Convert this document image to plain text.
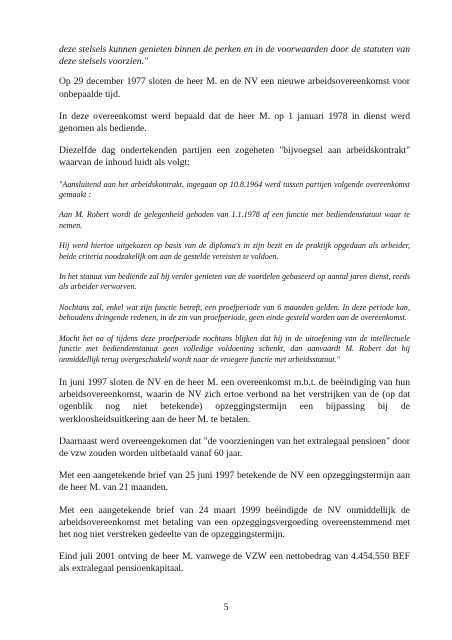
deze stelsels kunnen genieten binnen de perken en in de voorwaarden door de statuten van deze stelsels voorzien."

Op 29 december 1977 sloten de heer M. en de NV een nieuwe arbeidsovereenkomst voor onbepaalde tijd.

In deze overeenkomst werd bepaald dat de heer M. op 1 januari 1978 in dienst werd genomen als bediende.

Diezelfde dag ondertekenden partijen een zogeheten "bijvoegsel aan arbeidskontrakt" waarvan de inhoud luidt als volgt:

"Aansluitend aan het arbeidskontrakt, ingegaan op 10.8.1964 werd tussen partijen volgende overeenkomst gemaakt :

Aan M. Robert wordt de gelegenheid geboden van 1.1.1978 af een functie met bediendenstatuut waar te nemen.

Hij werd hiertoe uitgekozen op basis van de diploma's in zijn bezit en de praktijk opgedaan als arbeider, beide criteria noodzakelijk om aan de gestelde vereisten te voldoen.

In het statuut van bediende zal hij verder genieten van de voordelen gebaseerd op aantal jaren dienst, reeds als arbeider verworven.

Nochtans zal, enkel wat zijn functie betreft, een proefperiode van 6 maanden gelden. In deze periode kan, behoudens dringende redenen, in de zin van proefperiode, geen einde gesteld worden aan de overeenkomst.

Mocht het na of tijdens deze proefperiode nochtans blijken dat hij in de uitoefening van de intellectuele functie met bediendenstatuut geen volledige voldoening schenkt, dan aanvaardt M. Robert dat hij onmiddellijk terug overgeschakeld wordt naar de vroegere functie met arbeidsstatuut."

In juni 1997 sloten de NV en de heer M. een overeenkomst m.b.t. de beëindiging van hun arbeidsovereenkomst, waarin de NV zich ertoe verbond na het verstrijken van de (op dat ogenblik nog niet betekende) opzeggingstermijn een bijpassing bij de werkloosheidsuitkering aan de heer M. te betalen.

Daarnaast werd overeengekomen dat "de voorzieningen van het extralegaal pensioen" door de vzw zouden worden uitbetaald vanaf 60 jaar.

Met een aangetekende brief van 25 juni 1997 betekende de NV een opzeggingstermijn aan de heer M. van 21 maanden.

Met een aangetekende brief van 24 maart 1999 beëindigde de NV onmiddellijk de arbeidsovereenkomst met betaling van een opzeggingsvergoeding overeenstemmend met het nog niet verstreken gedeelte van de opzeggingstermijn.

Eind juli 2001 ontving de heer M. vanwege de VZW een nettobedrag van 4.454.550 BEF als extralegaal pensioenkapitaal.

5
